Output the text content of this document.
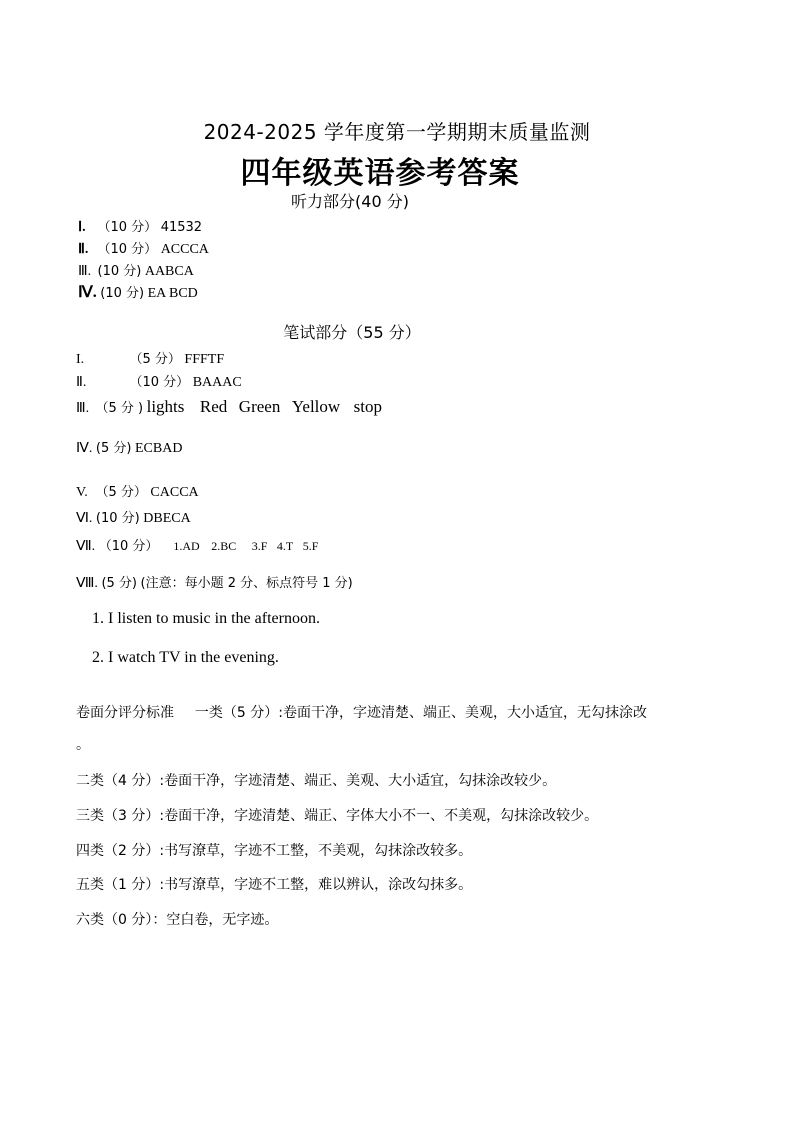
2024-2025 学年度第一学期期末质量监测
四年级英语参考答案
听力部分(40 分)
Ⅰ. （10 分） 41532
Ⅱ. （10 分） ACCCA
Ⅲ. (10 分) AABCA
Ⅳ. (10 分) EA BCD
笔试部分（55 分）
I.	（5 分） FFFTF
Ⅱ.	（10 分） BAAAC
Ⅲ. （5 分 ) lights Red Green Yellow stop
Ⅳ. (5 分) ECBAD
V. （5 分） CACCA
Ⅵ. (10 分) DBECA
Ⅶ. （10 分） 1.AD 2.BC 3.F 4.T 5.F
Ⅷ. (5 分) (注意：每小题 2 分、标点符号 1 分)
1. I listen to music in the afternoon.
2. I watch TV in the evening.
卷面分评分标准 一类（5 分）:卷面干净，字迹清楚、端正、美观，大小适宜，无勾抹涂改
。
二类（4 分）:卷面干净，字迹清楚、端正、美观、大小适宜，勾抹涂改较少。
三类（3 分）:卷面干净，字迹清楚、端正、字体大小不一、不美观，勾抹涂改较少。
四类（2 分）:书写潦草，字迹不工整，不美观，勾抹涂改较多。
五类（1 分）:书写潦草，字迹不工整，难以辨认，涂改勾抹多。
六类（0 分）：空白卷，无字迹。
